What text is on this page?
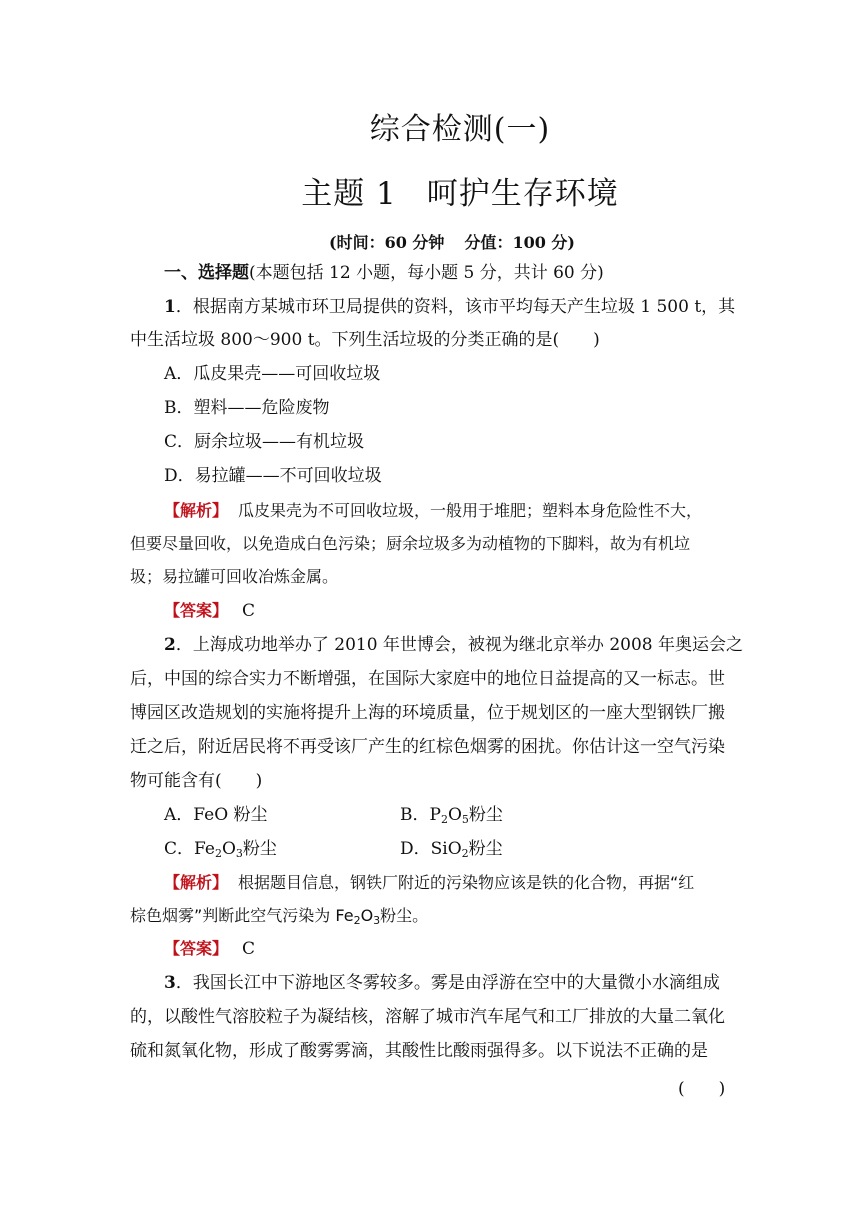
综合检测(一)
主题 1 呵护生存环境
(时间：60 分钟 分值：100 分)
一、选择题(本题包括 12 小题，每小题 5 分，共计 60 分)
1．根据南方某城市环卫局提供的资料，该市平均每天产生垃圾 1 500 t，其
中生活垃圾 800～900 t。下列生活垃圾的分类正确的是(　　)
A．瓜皮果壳——可回收垃圾
B．塑料——危险废物
C．厨余垃圾——有机垃圾
D．易拉罐——不可回收垃圾
【解析】 瓜皮果壳为不可回收垃圾，一般用于堆肥；塑料本身危险性不大，
但要尽量回收，以免造成白色污染；厨余垃圾多为动植物的下脚料，故为有机垃
圾；易拉罐可回收冶炼金属。
【答案】 C
2．上海成功地举办了 2010 年世博会，被视为继北京举办 2008 年奥运会之
后，中国的综合实力不断增强，在国际大家庭中的地位日益提高的又一标志。世
博园区改造规划的实施将提升上海的环境质量，位于规划区的一座大型钢铁厂搬
迁之后，附近居民将不再受该厂产生的红棕色烟雾的困扰。你估计这一空气污染
物可能含有(　　)
A．FeO 粉尘	B．$P_2O_5$粉尘
C．$Fe_2O_3$粉尘	D．SiO$_2$粉尘
【解析】 根据题目信息，钢铁厂附近的污染物应该是铁的化合物，再据“红
棕色烟雾”判断此空气污染为 $Fe_2O_3$粉尘。
【答案】 C
3．我国长江中下游地区冬雾较多。雾是由浮游在空中的大量微小水滴组成
的，以酸性气溶胶粒子为凝结核，溶解了城市汽车尾气和工厂排放的大量二氧化
硫和氮氧化物，形成了酸雾雾滴，其酸性比酸雨强得多。以下说法不正确的是
(　　)
